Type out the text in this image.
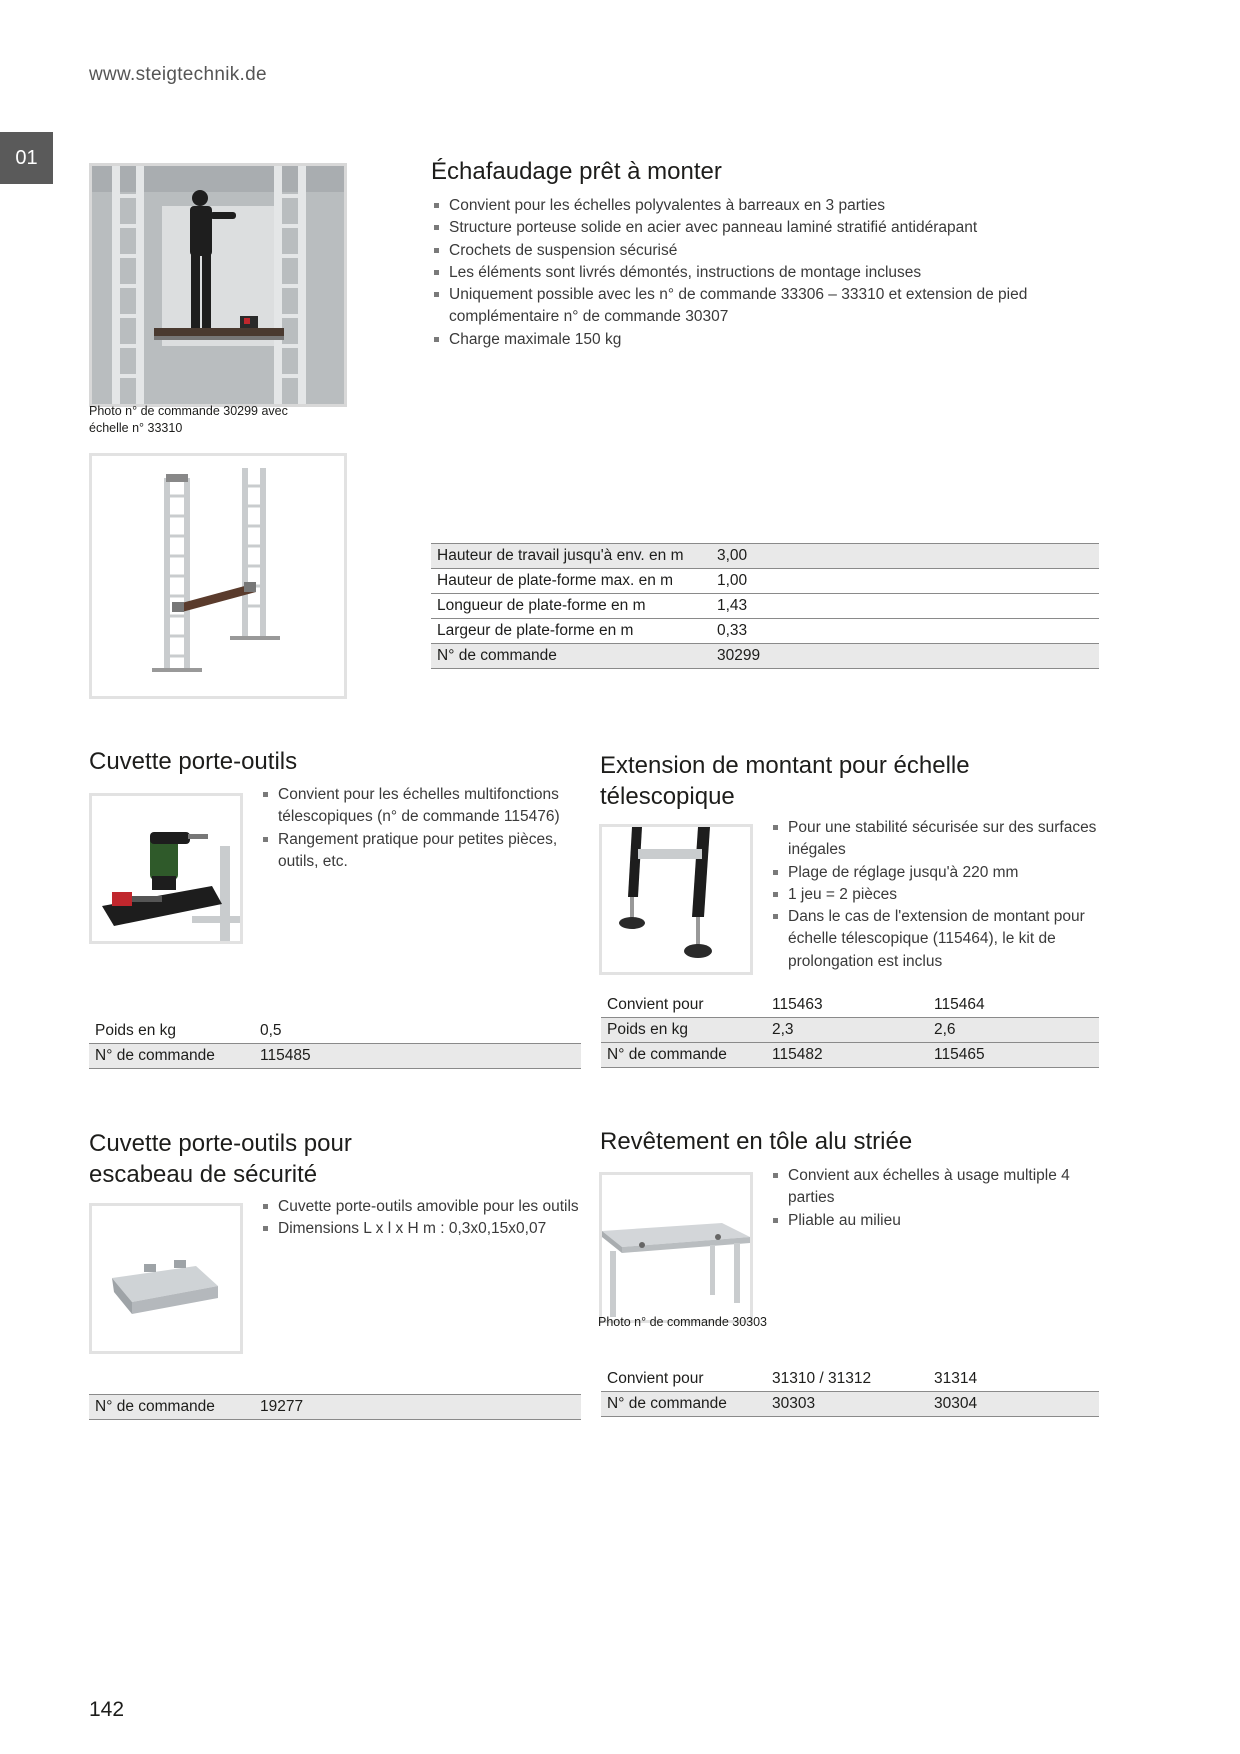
www.steigtechnik.de
01
Photo n° de commande 30299 avec
échelle n° 33310
Échafaudage prêt à monter
Convient pour les échelles polyvalentes à barreaux en 3 parties
Structure porteuse solide en acier avec panneau laminé stratifié antidérapant
Crochets de suspension sécurisé
Les éléments sont livrés démontés, instructions de montage incluses
Uniquement possible avec les n° de commande 33306 – 33310 et extension de pied complémentaire n° de commande 30307
Charge maximale 150 kg
Hauteur de travail jusqu'à env. en m	3,00
Hauteur de plate-forme max. en m	1,00
Longueur de plate-forme en m	1,43
Largeur de plate-forme en m	0,33
N° de commande	30299
Cuvette porte-outils
Convient pour les échelles multifonctions télescopiques (n° de commande 115476)
Rangement pratique pour petites pièces, outils, etc.
Poids en kg	0,5
N° de commande	115485
Extension de montant pour échelle
télescopique
Pour une stabilité sécurisée sur des surfaces inégales
Plage de réglage jusqu'à 220 mm
1 jeu = 2 pièces
Dans le cas de l'extension de montant pour échelle télescopique (115464), le kit de prolongation est inclus
Convient pour	115463	115464
Poids en kg	2,3	2,6
N° de commande	115482	115465
Cuvette porte-outils pour
escabeau de sécurité
Cuvette porte-outils amovible pour les outils
Dimensions L x l x H m : 0,3x0,15x0,07
N° de commande	19277
Revêtement en tôle alu striée
Photo n° de commande 30303
Convient aux échelles à usage multiple 4 parties
Pliable au milieu
Convient pour	31310 / 31312	31314
N° de commande	30303	30304
142
